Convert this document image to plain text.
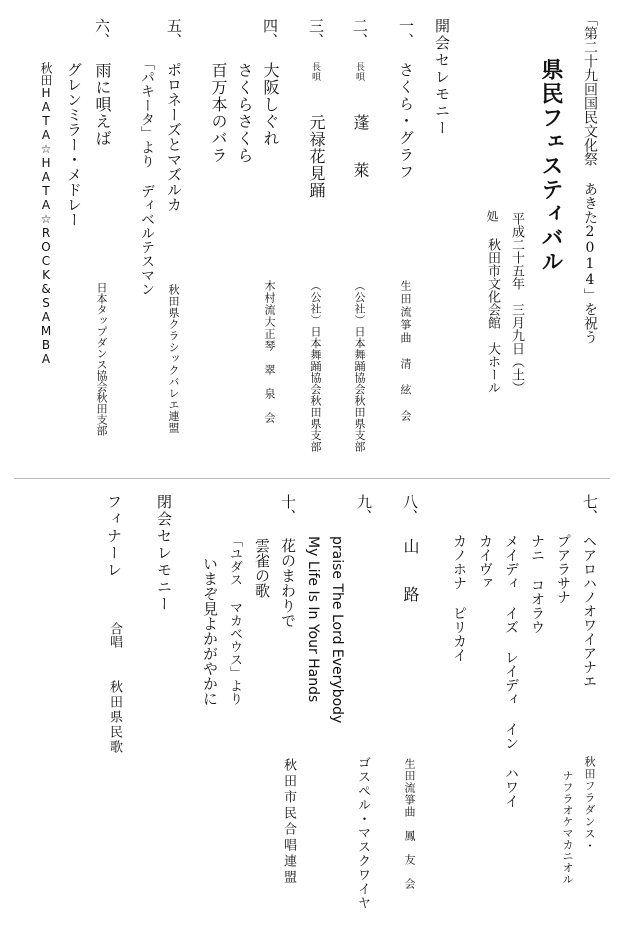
「第二十九回国民文化祭 あきた2014」を祝う
県民フェスティバル
平成二十五年　三月九日（土）
処
秋田市文化会館　大ホール
開会セレモニー
一、
さくら・グラフ
生田流箏曲　清　絃　会
二、
長唄
蓬　　萊
（公社）日本舞踊協会秋田県支部
三、
長唄
元禄花見踊
（公社）日本舞踊協会秋田県支部
四、
大阪しぐれ
さくらさくら
百万本のバラ
木村流大正琴　翠　泉　会
五、
ポロネーズとマズルカ
「パキータ」より ディベルテスマン
秋田県クラシックバレエ連盟
六、
雨に唄えば
グレンミラー・メドレー
秋田HATA☆HATA☆ROCK&SAMBA	日本タップダンス協会秋田支部
七、
ヘアロハノオワイアナエ
プアラサナ
ナニ コオラウ
メイディ イズ レイディ イン ハワイ
カイヴァ
カノホナ ピリカイ
秋田フラダンス・
ナフラオケマカニオル
八、
山　　路
生田流箏曲　鳳　友　会
九、
praise The Lord Everybody
My Life Is In Your Hands
ゴスペル・マスクワイヤ
十、
花のまわりで
雲雀の歌
「ユダス マカベウス」より
いまぞ見よかがやかに
秋田市民合唱連盟
閉会セレモニー
フィナーレ
合唱
秋田県民歌
